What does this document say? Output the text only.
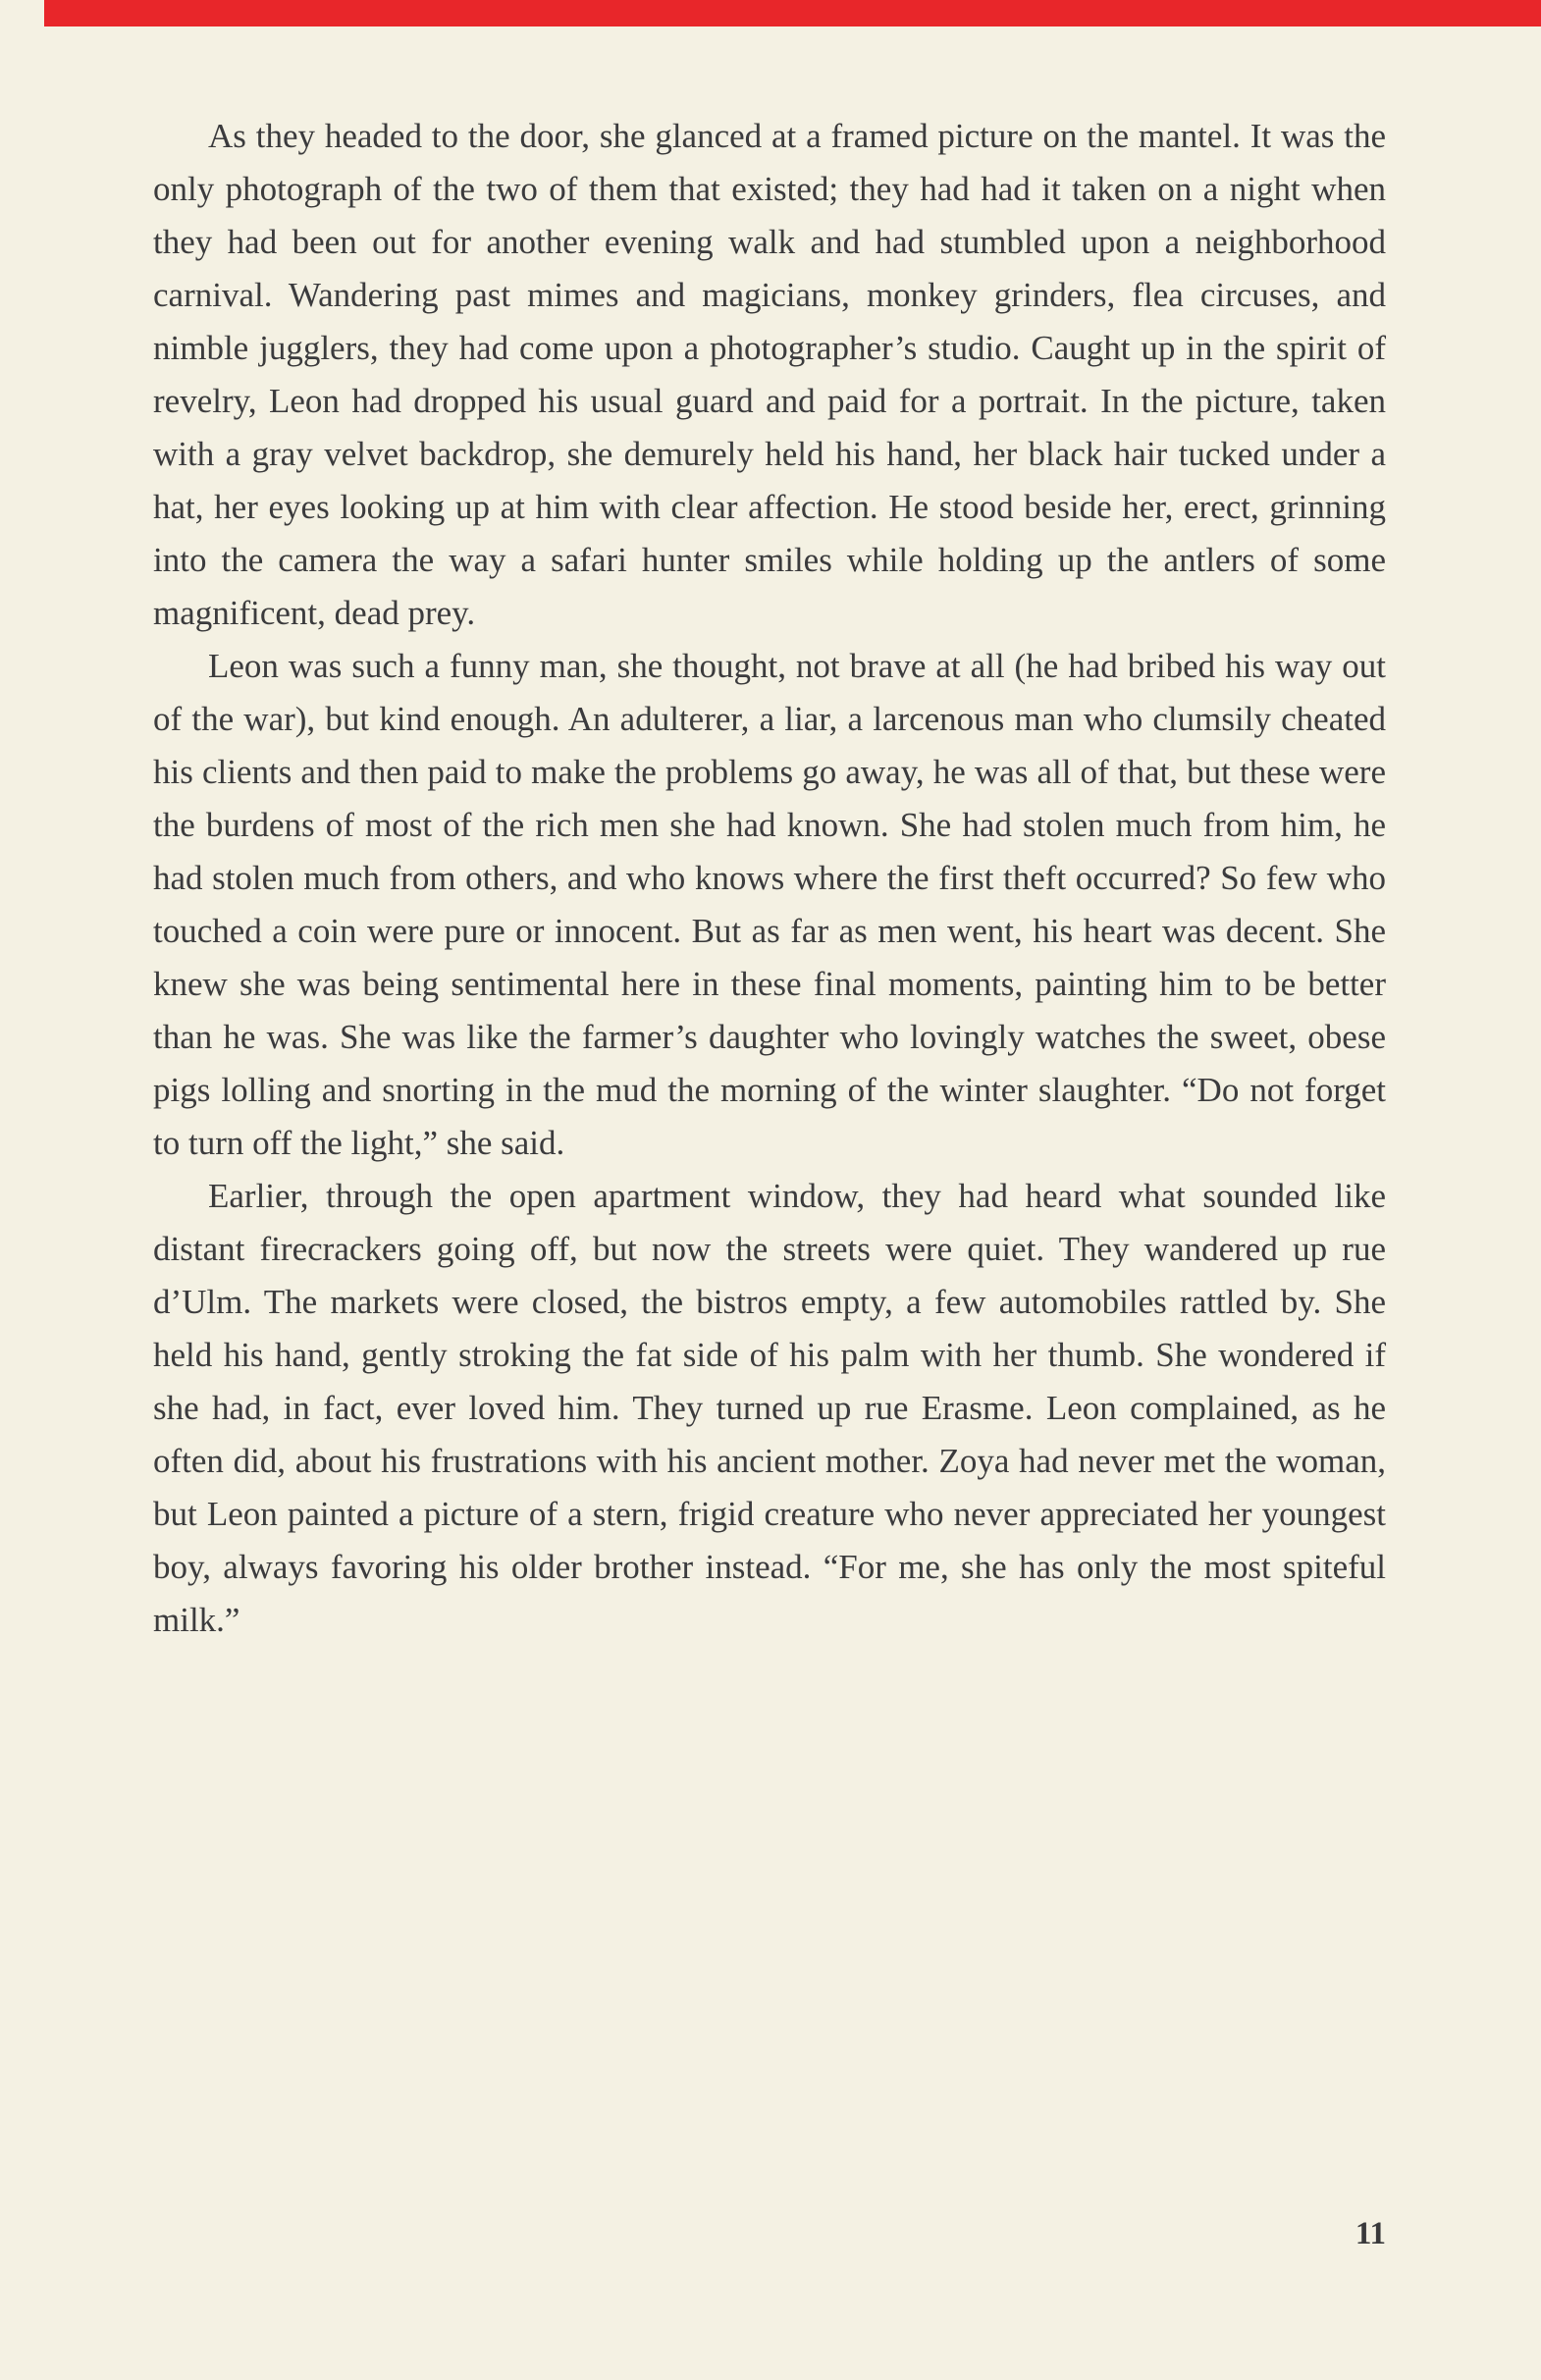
As they headed to the door, she glanced at a framed picture on the mantel. It was the only photograph of the two of them that existed; they had had it taken on a night when they had been out for another evening walk and had stumbled upon a neighborhood carnival. Wandering past mimes and magicians, monkey grinders, flea circuses, and nimble jugglers, they had come upon a photographer’s studio. Caught up in the spirit of revelry, Leon had dropped his usual guard and paid for a portrait. In the picture, taken with a gray velvet backdrop, she demurely held his hand, her black hair tucked under a hat, her eyes looking up at him with clear affection. He stood beside her, erect, grinning into the camera the way a safari hunter smiles while holding up the antlers of some magnificent, dead prey.

Leon was such a funny man, she thought, not brave at all (he had bribed his way out of the war), but kind enough. An adulterer, a liar, a larcenous man who clumsily cheated his clients and then paid to make the problems go away, he was all of that, but these were the burdens of most of the rich men she had known. She had stolen much from him, he had stolen much from others, and who knows where the first theft occurred? So few who touched a coin were pure or innocent. But as far as men went, his heart was decent. She knew she was being sentimental here in these final moments, painting him to be better than he was. She was like the farmer’s daughter who lovingly watches the sweet, obese pigs lolling and snorting in the mud the morning of the winter slaughter. “Do not forget to turn off the light,” she said.

Earlier, through the open apartment window, they had heard what sounded like distant firecrackers going off, but now the streets were quiet. They wandered up rue d’Ulm. The markets were closed, the bistros empty, a few automobiles rattled by. She held his hand, gently stroking the fat side of his palm with her thumb. She wondered if she had, in fact, ever loved him. They turned up rue Erasme. Leon complained, as he often did, about his frustrations with his ancient mother. Zoya had never met the woman, but Leon painted a picture of a stern, frigid creature who never appreciated her youngest boy, always favoring his older brother instead. “For me, she has only the most spiteful milk.”

11
